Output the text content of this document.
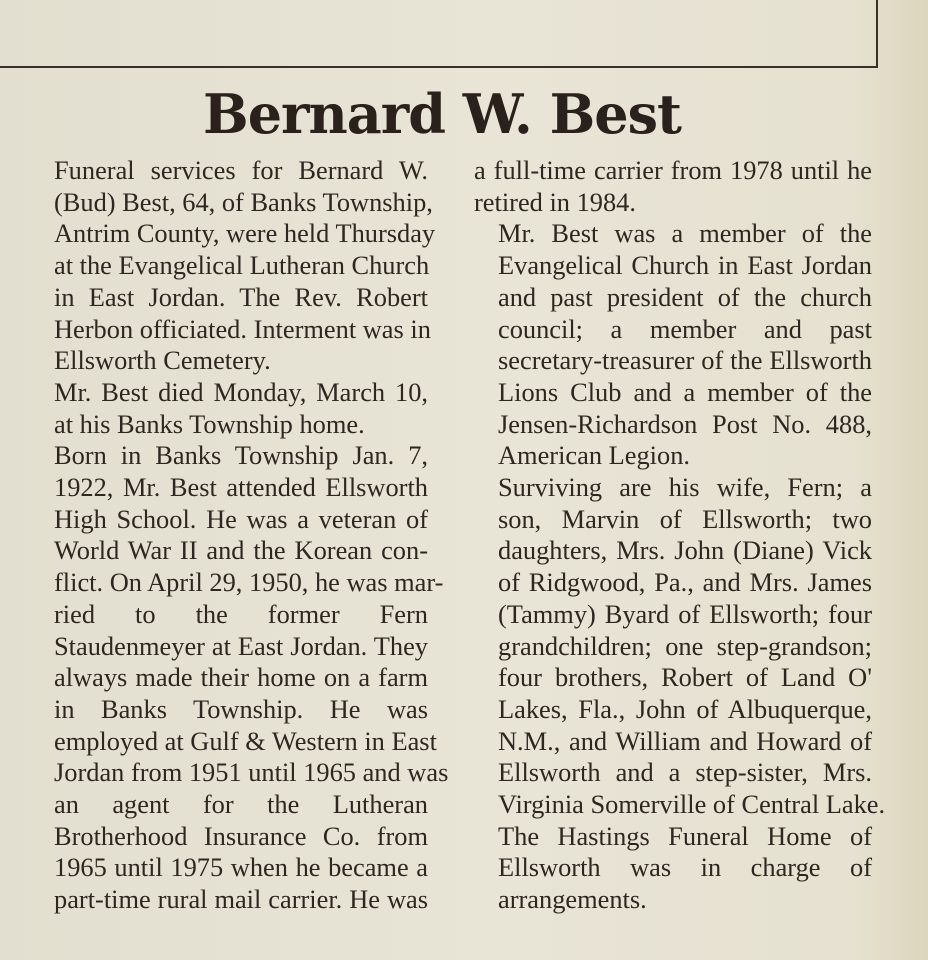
Bernard W. Best

Funeral services for Bernard W.
(Bud) Best, 64, of Banks Township,
Antrim County, were held Thursday
at the Evangelical Lutheran Church
in East Jordan. The Rev. Robert
Herbon officiated. Interment was in
Ellsworth Cemetery.

Mr. Best died Monday, March 10,
at his Banks Township home.

Born in Banks Township Jan. 7,
1922, Mr. Best attended Ellsworth
High School. He was a veteran of
World War II and the Korean con-
flict. On April 29, 1950, he was mar-
ried to the former Fern
Staudenmeyer at East Jordan. They
always made their home on a farm
in Banks Township. He was
employed at Gulf & Western in East
Jordan from 1951 until 1965 and was
an agent for the Lutheran
Brotherhood Insurance Co. from
1965 until 1975 when he became a
part-time rural mail carrier. He was

a full-time carrier from 1978 until he
retired in 1984.

Mr. Best was a member of the
Evangelical Church in East Jordan
and past president of the church
council; a member and past
secretary-treasurer of the Ellsworth
Lions Club and a member of the
Jensen-Richardson Post No. 488,
American Legion.

Surviving are his wife, Fern; a
son, Marvin of Ellsworth; two
daughters, Mrs. John (Diane) Vick
of Ridgwood, Pa., and Mrs. James
(Tammy) Byard of Ellsworth; four
grandchildren; one step-grandson;
four brothers, Robert of Land O'
Lakes, Fla., John of Albuquerque,
N.M., and William and Howard of
Ellsworth and a step-sister, Mrs.
Virginia Somerville of Central Lake.

The Hastings Funeral Home of
Ellsworth was in charge of
arrangements.
